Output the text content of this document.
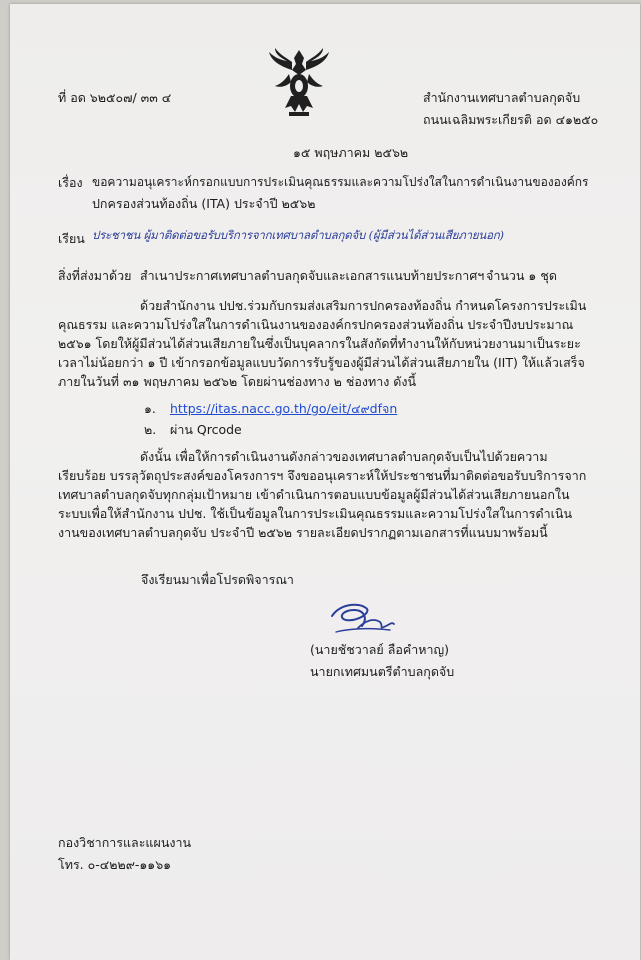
ที่ อด ๖๒๕๐๗/ ๓๓ ๔	สำนักงานเทศบาลตำบลกุดจับ
ถนนเฉลิมพระเกียรติ อด ๔๑๒๕๐
๑๕ พฤษภาคม ๒๕๖๒
เรื่อง ขอความอนุเคราะห์กรอกแบบการประเมินคุณธรรมและความโปร่งใสในการดำเนินงานขององค์กร
ปกครองส่วนท้องถิ่น (ITA) ประจำปี ๒๕๖๒
เรียน ประชาชน ผู้มาติดต่อขอรับบริการจากเทศบาลตำบลกุดจับ (ผู้มีส่วนได้ส่วนเสียภายนอก)
สิ่งที่ส่งมาด้วย สำเนาประกาศเทศบาลตำบลกุดจับและเอกสารแนบท้ายประกาศฯ จำนวน ๑ ชุด
ด้วยสำนักงาน ปปช.ร่วมกับกรมส่งเสริมการปกครองท้องถิ่น กำหนดโครงการประเมินคุณธรรม และความโปร่งใสในการดำเนินงานขององค์กรปกครองส่วนท้องถิ่น ประจำปีงบประมาณ ๒๕๖๑ โดยให้ผู้มีส่วนได้ส่วนเสียภายในซึ่งเป็นบุคลากรในสังกัดที่ทำงานให้กับหน่วยงานมาเป็นระยะเวลาไม่น้อยกว่า ๑ ปี เข้ากรอกข้อมูลแบบวัดการรับรู้ของผู้มีส่วนได้ส่วนเสียภายใน (IIT) ให้แล้วเสร็จภายในวันที่ ๓๑ พฤษภาคม ๒๕๖๒ โดยผ่านช่องทาง ๒ ช่องทาง ดังนี้
๑. https://itas.nacc.go.th/go/eit/๔๙dfจn
๒. ผ่าน Qrcode
ดังนั้น เพื่อให้การดำเนินงานดังกล่าวของเทศบาลตำบลกุดจับเป็นไปด้วยความเรียบร้อย บรรลุวัตถุประสงค์ของโครงการฯ จึงขออนุเคราะห์ให้ประชาชนที่มาติดต่อขอรับบริการจากเทศบาลตำบลกุดจับทุกกลุ่มเป้าหมาย เข้าดำเนินการตอบแบบข้อมูลผู้มีส่วนได้ส่วนเสียภายนอกในระบบเพื่อให้สำนักงาน ปปช. ใช้เป็นข้อมูลในการประเมินคุณธรรมและความโปร่งใสในการดำเนินงานของเทศบาลตำบลกุดจับ ประจำปี ๒๕๖๒ รายละเอียดปรากฏตามเอกสารที่แนบมาพร้อมนี้
จึงเรียนมาเพื่อโปรดพิจารณา
(นายชัชวาลย์ ลือคำหาญ)
นายกเทศมนตรีตำบลกุดจับ
กองวิชาการและแผนงาน
โทร. ๐-๔๒๒๙-๑๑๖๑
